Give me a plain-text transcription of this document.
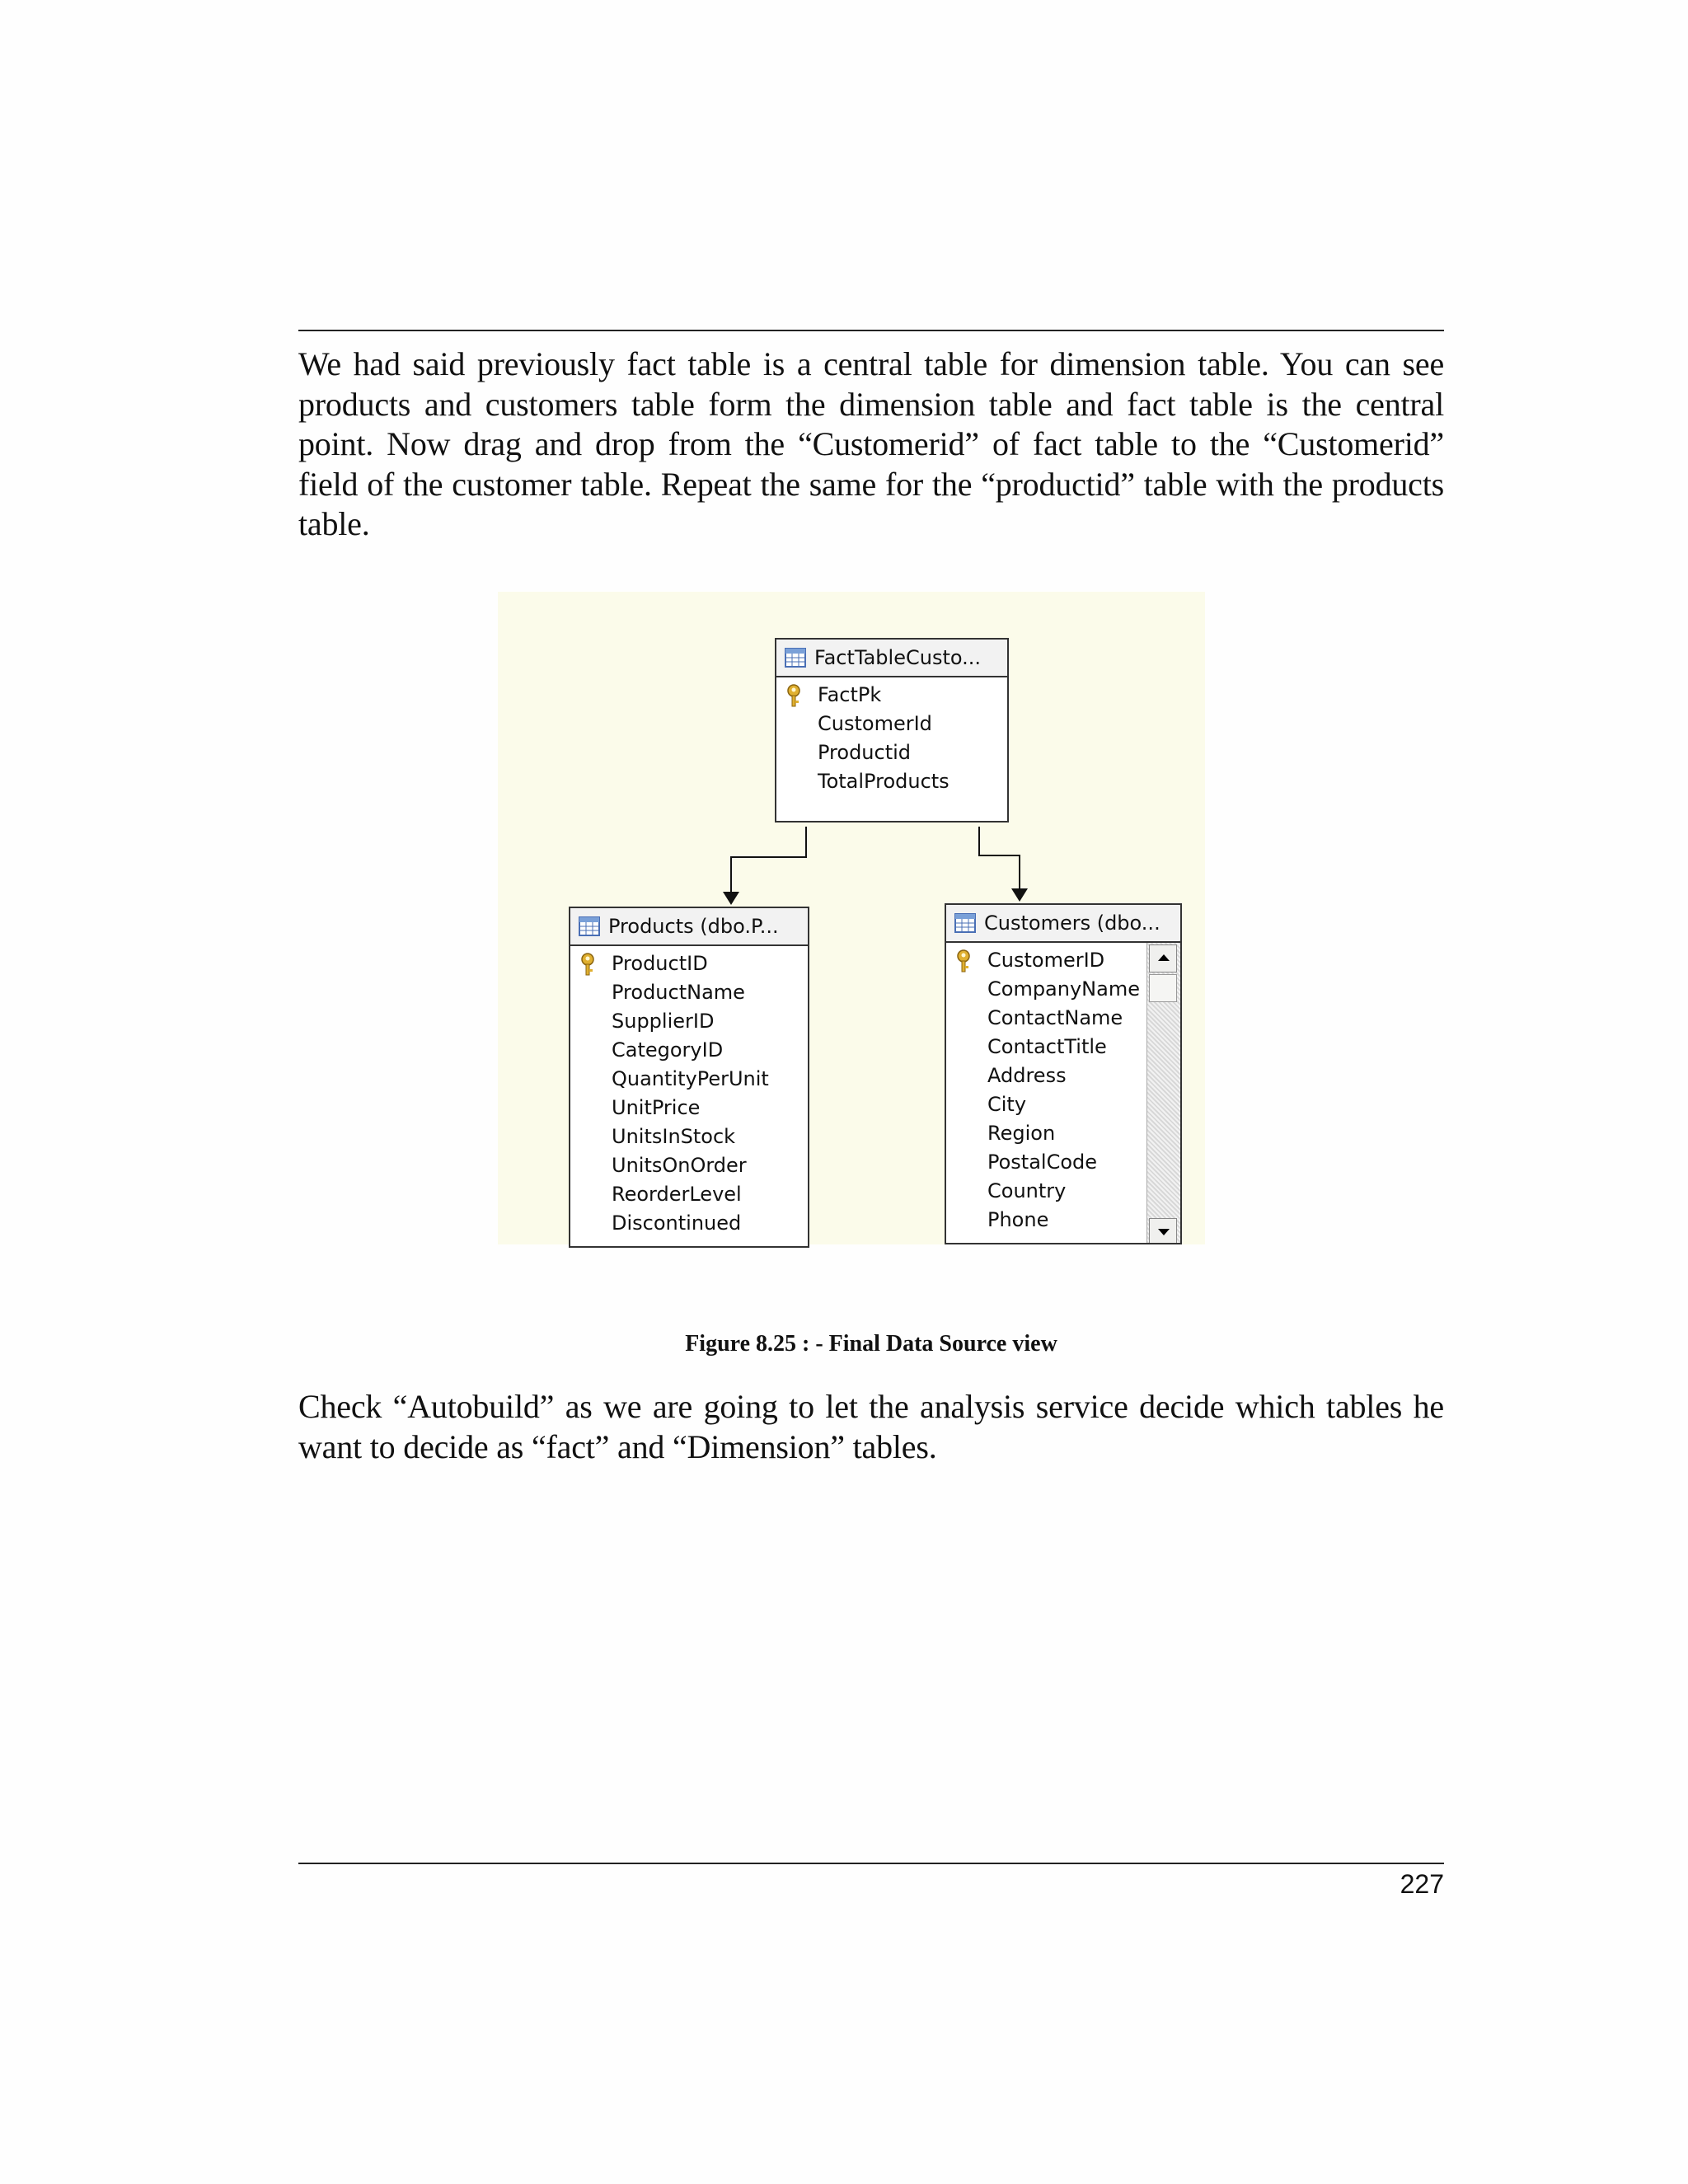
We had said previously fact table is a central table for dimension table. You can see products and customers table form the dimension table and fact table is the central point. Now drag and drop from the “Customerid” of fact table to the “Customerid” field of the customer table. Repeat the same for the “productid” table with the products table.

FactTableCusto...
FactPk
CustomerId
Productid
TotalProducts
Products (dbo.P...
ProductID
ProductName
SupplierID
CategoryID
QuantityPerUnit
UnitPrice
UnitsInStock
UnitsOnOrder
ReorderLevel
Discontinued
Customers (dbo...
CustomerID
CompanyName
ContactName
ContactTitle
Address
City
Region
PostalCode
Country
Phone
Figure 8.25 : - Final Data Source view

Check “Autobuild” as we are going to let the analysis service decide which tables he want to decide as “fact” and “Dimension” tables.

227
